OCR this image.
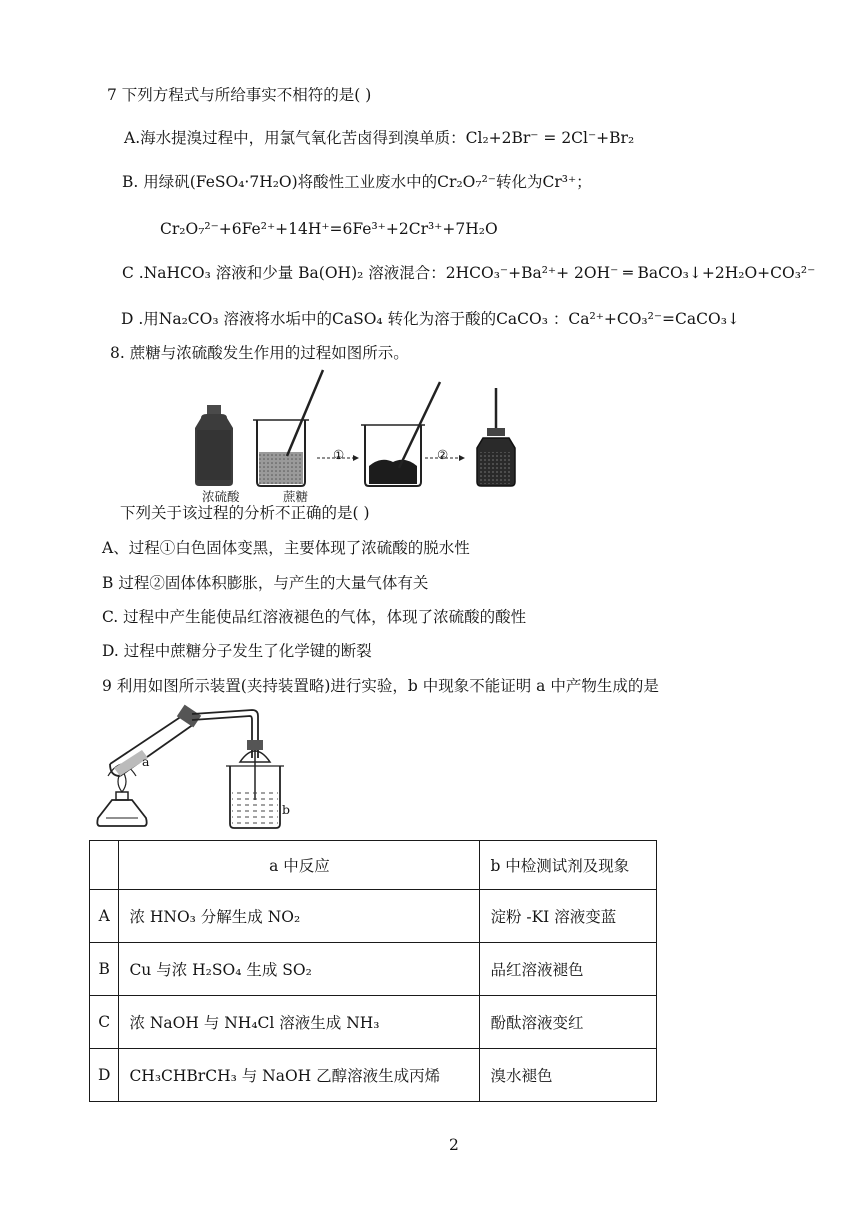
7 下列方程式与所给事实不相符的是( )
A.海水提溴过程中，用氯气氧化苦卤得到溴单质：Cl₂+2Br⁻ = 2Cl⁻+Br₂
B. 用绿矾(FeSO₄·7H₂O)将酸性工业废水中的Cr₂O₇²⁻转化为Cr³⁺；
Cr₂O₇²⁻+6Fe²⁺+14H⁺=6Fe³⁺+2Cr³⁺+7H₂O
C .NaHCO₃ 溶液和少量 Ba(OH)₂ 溶液混合：2HCO₃⁻+Ba²⁺+ 2OH⁻ ═ BaCO₃↓+2H₂O+CO₃²⁻
D .用Na₂CO₃ 溶液将水垢中的CaSO₄ 转化为溶于酸的CaCO₃ ：Ca²⁺+CO₃²⁻=CaCO₃↓
8. 蔗糖与浓硫酸发生作用的过程如图所示。
①	②
浓硫酸	蔗糖
下列关于该过程的分析不正确的是( )
A、过程①白色固体变黑，主要体现了浓硫酸的脱水性
B 过程②固体体积膨胀，与产生的大量气体有关
C. 过程中产生能使品红溶液褪色的气体，体现了浓硫酸的酸性
D. 过程中蔗糖分子发生了化学键的断裂
9 利用如图所示装置(夹持装置略)进行实验，b 中现象不能证明 a 中产物生成的是
a
b
	a 中反应	b 中检测试剂及现象
A	浓 HNO₃ 分解生成 NO₂	淀粉 -KI 溶液变蓝
B	Cu 与浓 H₂SO₄ 生成 SO₂	品红溶液褪色
C	浓 NaOH 与 NH₄Cl 溶液生成 NH₃	酚酞溶液变红
D	CH₃CHBrCH₃ 与 NaOH 乙醇溶液生成丙烯	溴水褪色
2
